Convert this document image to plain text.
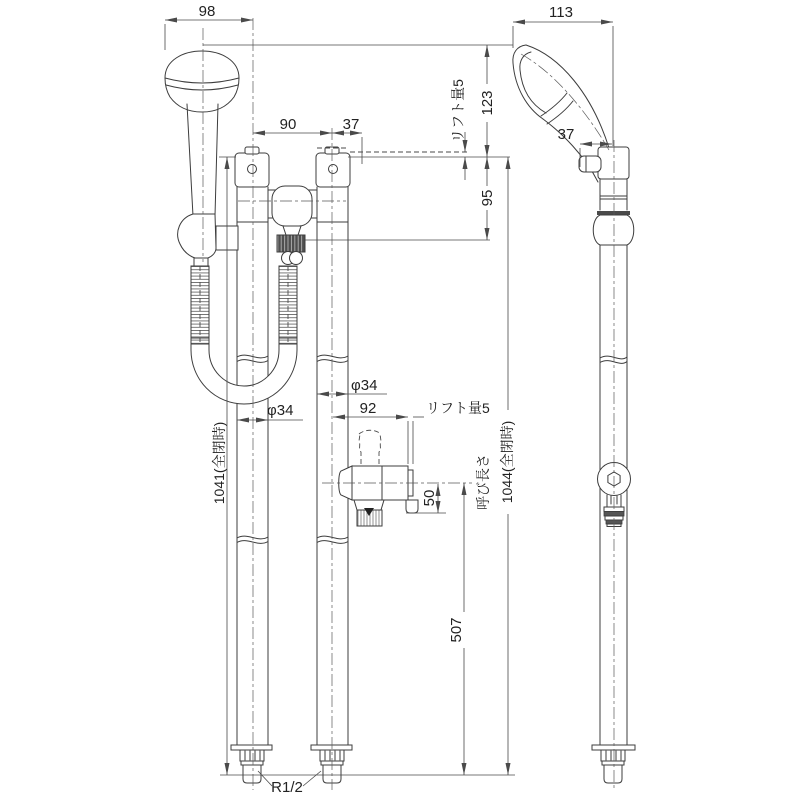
98	113
90	37	リフト量5 123
95
φ34
φ34
92	リフト量5
50	呼び長さ
507
1041(全閉時)	1044(全閉時)
37
R1/2
